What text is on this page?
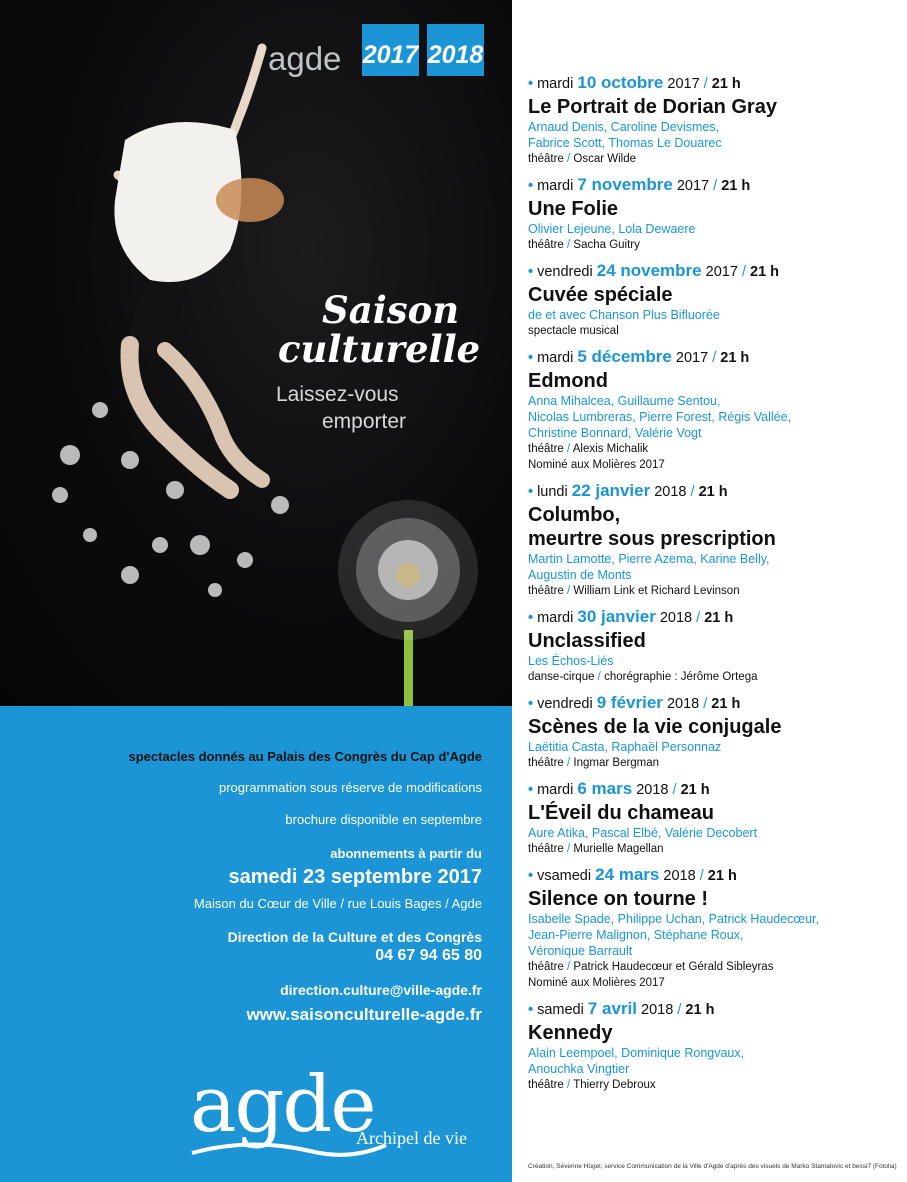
agde 2017 2018
Saison
culturelle
Laissez-vous
emporter
spectacles donnés au Palais des Congrès du Cap d'Agde
programmation sous réserve de modifications
brochure disponible en septembre
abonnements à partir du
samedi 23 septembre 2017
Maison du Cœur de Ville / rue Louis Bages / Agde
Direction de la Culture et des Congrès
04 67 94 65 80
direction.culture@ville-agde.fr
www.saisonculturelle-agde.fr
agde
Archipel de vie
• mardi 10 octobre 2017 / 21 h
Le Portrait de Dorian Gray
Arnaud Denis, Caroline Devismes,
Fabrice Scott, Thomas Le Douarec
théâtre / Oscar Wilde
• mardi 7 novembre 2017 / 21 h
Une Folie
Olivier Lejeune, Lola Dewaere
théâtre / Sacha Guitry
• vendredi 24 novembre 2017 / 21 h
Cuvée spéciale
de et avec Chanson Plus Bifluorée
spectacle musical
• mardi 5 décembre 2017 / 21 h
Edmond
Anna Mihalcea, Guillaume Sentou,
Nicolas Lumbreras, Pierre Forest, Régis Vallée,
Christine Bonnard, Valérie Vogt
théâtre / Alexis Michalik
Nominé aux Molières 2017
• lundi 22 janvier 2018 / 21 h
Columbo,
meurtre sous prescription
Martin Lamotte, Pierre Azema, Karine Belly,
Augustin de Monts
théâtre / William Link et Richard Levinson
• mardi 30 janvier 2018 / 21 h
Unclassified
Les Échos-Liés
danse-cirque / chorégraphie : Jérôme Ortega
• vendredi 9 février 2018 / 21 h
Scènes de la vie conjugale
Laëtitia Casta, Raphaël Personnaz
théâtre / Ingmar Bergman
• mardi 6 mars 2018 / 21 h
L'Éveil du chameau
Aure Atika, Pascal Elbé, Valérie Decobert
théâtre / Murielle Magellan
• vsamedi 24 mars 2018 / 21 h
Silence on tourne !
Isabelle Spade, Philippe Uchan, Patrick Haudecœur,
Jean-Pierre Malignon, Stéphane Roux,
Véronique Barrault
théâtre / Patrick Haudecœur et Gérald Sibleyras
Nominé aux Molières 2017
• samedi 7 avril 2018 / 21 h
Kennedy
Alain Leempoel, Dominique Rongvaux,
Anouchka Vingtier
théâtre / Thierry Debroux
Création, Séverine Hügel, service Communication de la Ville d'Agde d'après des visuels de Marko Stamatovic et bessi7 (Fotolia)
